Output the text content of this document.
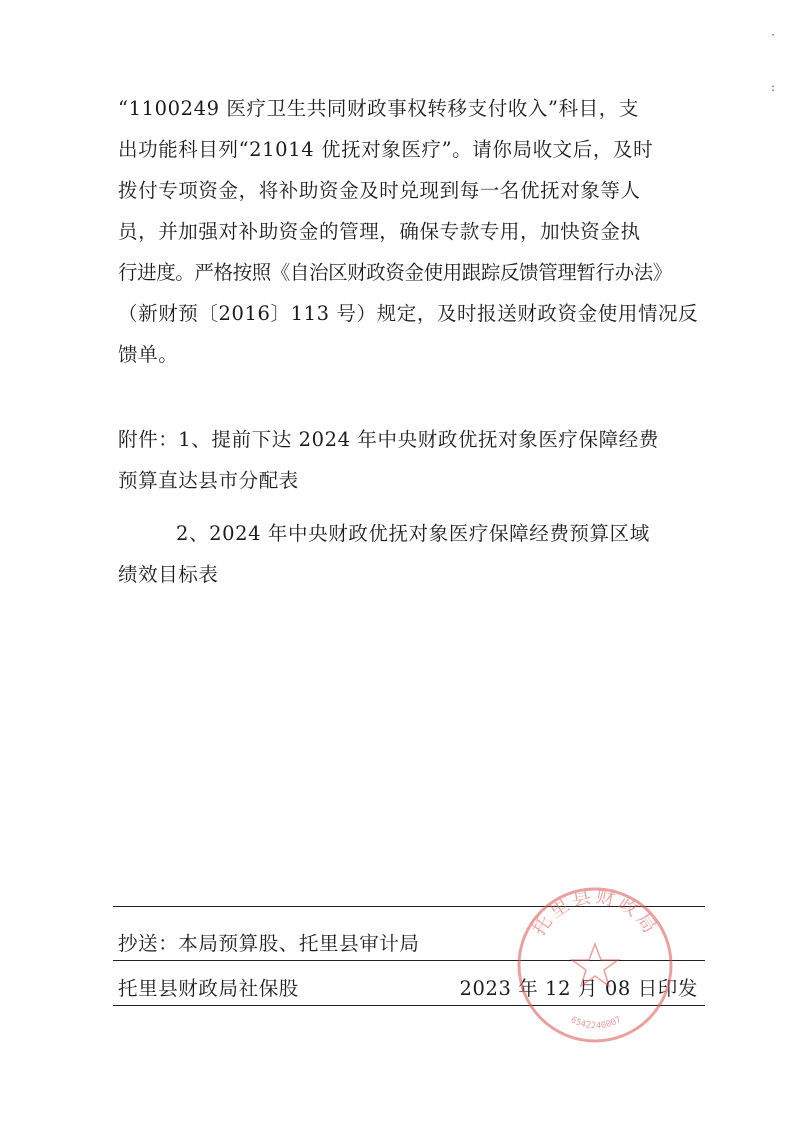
·
:
“1100249 医疗卫生共同财政事权转移支付收入”科目，支
出功能科目列“21014 优抚对象医疗”。请你局收文后，及时
拨付专项资金，将补助资金及时兑现到每一名优抚对象等人
员，并加强对补助资金的管理，确保专款专用，加快资金执
行进度。严格按照《自治区财政资金使用跟踪反馈管理暂行办法》
（新财预〔2016〕113 号）规定，及时报送财政资金使用情况反
馈单。
附件：1、提前下达 2024 年中央财政优抚对象医疗保障经费
预算直达县市分配表
2、2024 年中央财政优抚对象医疗保障经费预算区域
绩效目标表
抄送：本局预算股、托里县审计局
托里县财政局社保股	2023 年 12 月 08 日印发
托里县财政局
6542240007
